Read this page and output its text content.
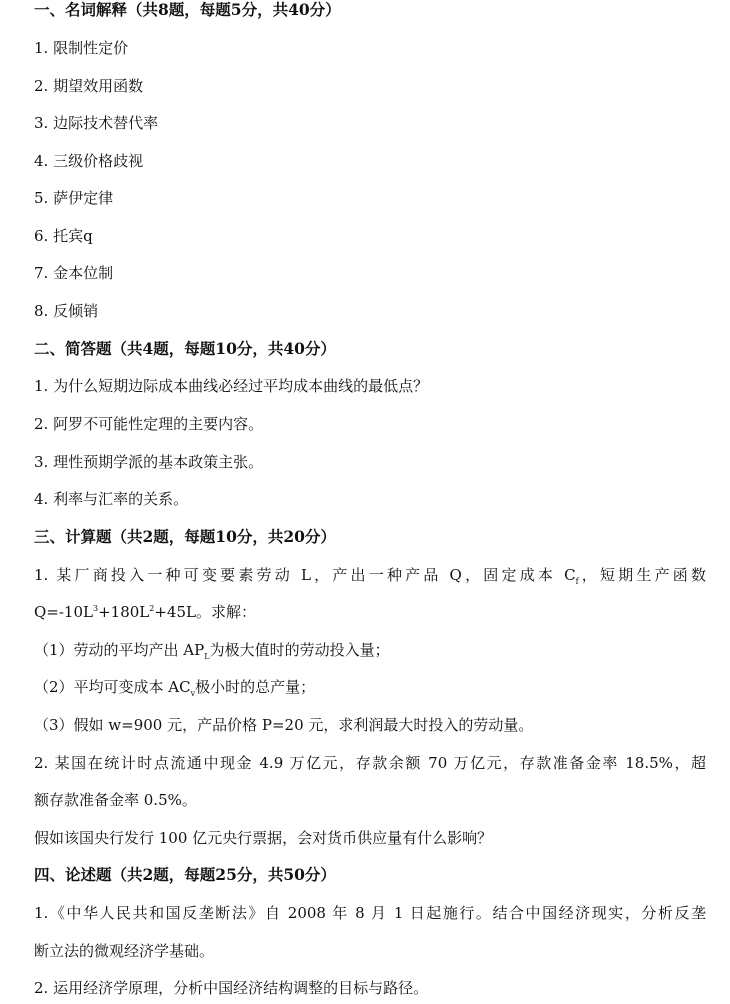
一、名词解释（共8题，每题5分，共40分）

1. 限制性定价

2. 期望效用函数

3. 边际技术替代率

4. 三级价格歧视

5. 萨伊定律

6. 托宾q

7. 金本位制

8. 反倾销

二、简答题（共4题，每题10分，共40分）

1. 为什么短期边际成本曲线必经过平均成本曲线的最低点？

2. 阿罗不可能性定理的主要内容。

3. 理性预期学派的基本政策主张。

4. 利率与汇率的关系。

三、计算题（共2题，每题10分，共20分）

1. 某厂商投入一种可变要素劳动 L，产出一种产品 Q，固定成本 $C_f$，短期生产函数

$Q=-10L^3+180L^2+45L$。求解：

（1）劳动的平均产出 $AP_L$为极大值时的劳动投入量；

（2）平均可变成本 $AC_v$极小时的总产量；

（3）假如 w=900 元，产品价格 P=20 元，求利润最大时投入的劳动量。

2. 某国在统计时点流通中现金 4.9 万亿元，存款余额 70 万亿元，存款准备金率 18.5%，超

额存款准备金率 0.5%。

假如该国央行发行 100 亿元央行票据，会对货币供应量有什么影响？

四、论述题（共2题，每题25分，共50分）

1.《中华人民共和国反垄断法》自 2008 年 8 月 1 日起施行。结合中国经济现实，分析反垄

断立法的微观经济学基础。

2. 运用经济学原理，分析中国经济结构调整的目标与路径。
